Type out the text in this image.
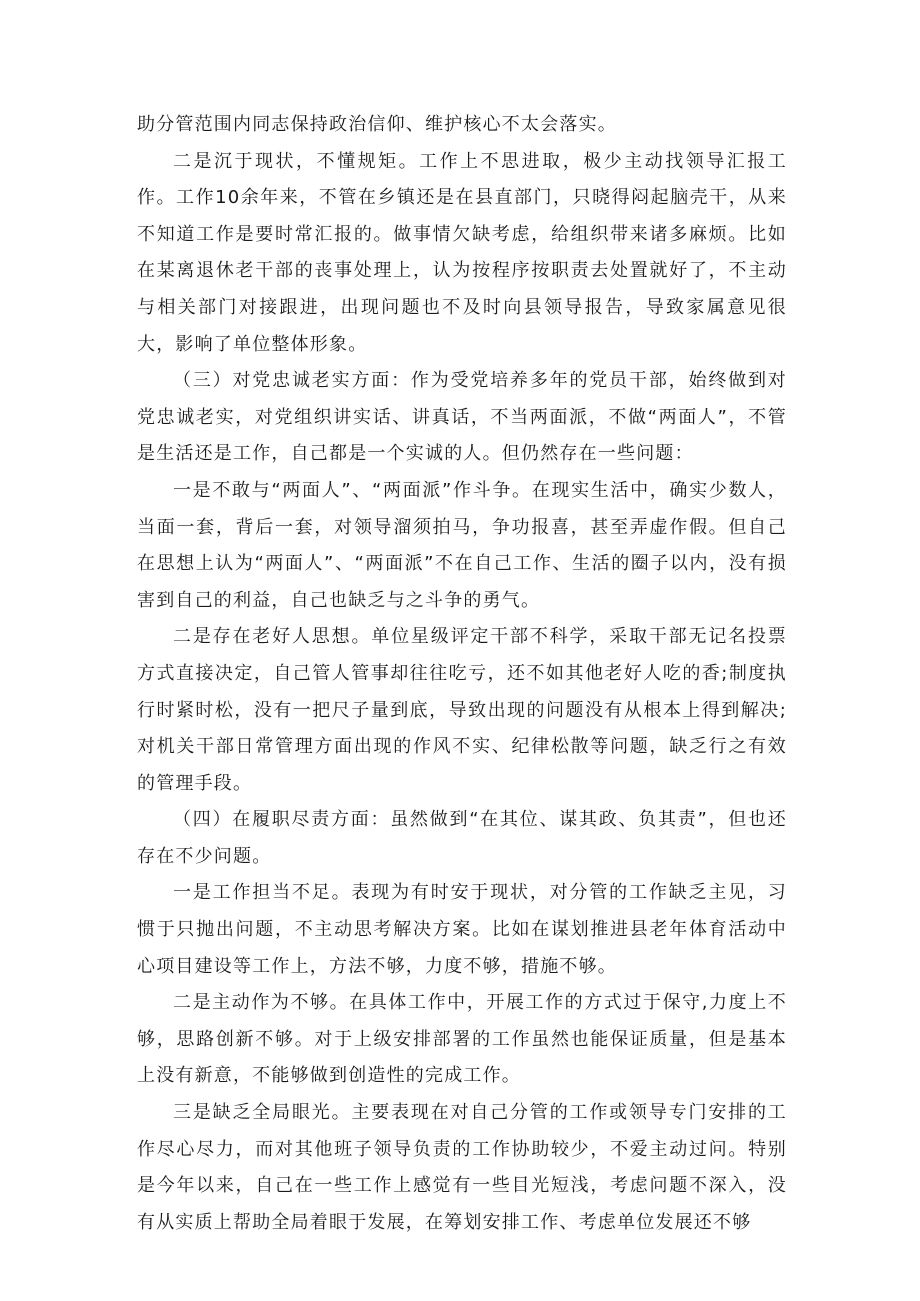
助分管范围内同志保持政治信仰、维护核心不太会落实。

二是沉于现状，不懂规矩。工作上不思进取，极少主动找领导汇报工作。工作10余年来，不管在乡镇还是在县直部门，只晓得闷起脑壳干，从来不知道工作是要时常汇报的。做事情欠缺考虑，给组织带来诸多麻烦。比如在某离退休老干部的丧事处理上，认为按程序按职责去处置就好了，不主动与相关部门对接跟进，出现问题也不及时向县领导报告，导致家属意见很大，影响了单位整体形象。

（三）对党忠诚老实方面：作为受党培养多年的党员干部，始终做到对党忠诚老实，对党组织讲实话、讲真话，不当两面派，不做“两面人”，不管是生活还是工作，自己都是一个实诚的人。但仍然存在一些问题：

一是不敢与“两面人”、“两面派”作斗争。在现实生活中，确实少数人，当面一套，背后一套，对领导溜须拍马，争功报喜，甚至弄虚作假。但自己在思想上认为“两面人”、“两面派”不在自己工作、生活的圈子以内，没有损害到自己的利益，自己也缺乏与之斗争的勇气。

二是存在老好人思想。单位星级评定干部不科学，采取干部无记名投票方式直接决定，自己管人管事却往往吃亏，还不如其他老好人吃的香;制度执行时紧时松，没有一把尺子量到底，导致出现的问题没有从根本上得到解决;对机关干部日常管理方面出现的作风不实、纪律松散等问题，缺乏行之有效的管理手段。

（四）在履职尽责方面：虽然做到“在其位、谋其政、负其责”，但也还存在不少问题。

一是工作担当不足。表现为有时安于现状，对分管的工作缺乏主见，习惯于只抛出问题，不主动思考解决方案。比如在谋划推进县老年体育活动中心项目建设等工作上，方法不够，力度不够，措施不够。

二是主动作为不够。在具体工作中，开展工作的方式过于保守,力度上不够，思路创新不够。对于上级安排部署的工作虽然也能保证质量，但是基本上没有新意，不能够做到创造性的完成工作。

三是缺乏全局眼光。主要表现在对自己分管的工作或领导专门安排的工作尽心尽力，而对其他班子领导负责的工作协助较少，不爱主动过问。特别是今年以来，自己在一些工作上感觉有一些目光短浅，考虑问题不深入，没有从实质上帮助全局着眼于发展，在筹划安排工作、考虑单位发展还不够
